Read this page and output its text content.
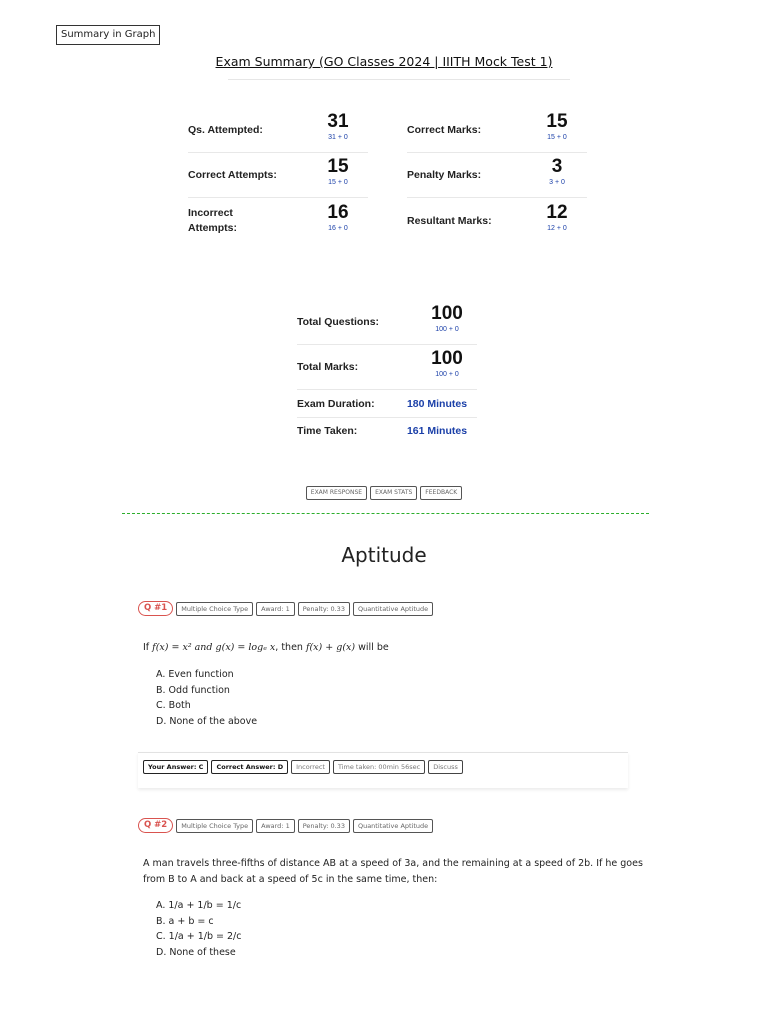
Summary in Graph
Exam Summary (GO Classes 2024 | IIITH Mock Test 1)
Qs. Attempted:	31
31 + 0
Correct Attempts:	15
15 + 0
Incorrect Attempts:
16
16 + 0
Correct Marks:	15
15 + 0
Penalty Marks:	3
3 + 0
Resultant Marks:	12
12 + 0
Total Questions:	100
100 + 0
Total Marks:	100
100 + 0
Exam Duration:	180 Minutes
Time Taken:	161 Minutes
EXAM RESPONSE EXAM STATS FEEDBACK
Aptitude
Q #1	Multiple Choice Type	Award: 1	Penalty: 0.33	Quantitative Aptitude
If f(x) = x² and g(x) = logₑ x, then f(x) + g(x) will be
A. Even function
B. Odd function
C. Both
D. None of the above
Your Answer: C	Correct Answer: D	Incorrect	Time taken: 00min 56sec	Discuss
Q #2	Multiple Choice Type	Award: 1	Penalty: 0.33	Quantitative Aptitude
A man travels three-fifths of distance AB at a speed of 3a, and the remaining at a speed of 2b. If he goes
from B to A and back at a speed of 5c in the same time, then:
A. 1/a + 1/b = 1/c
B. a + b = c
C. 1/a + 1/b = 2/c
D. None of these
